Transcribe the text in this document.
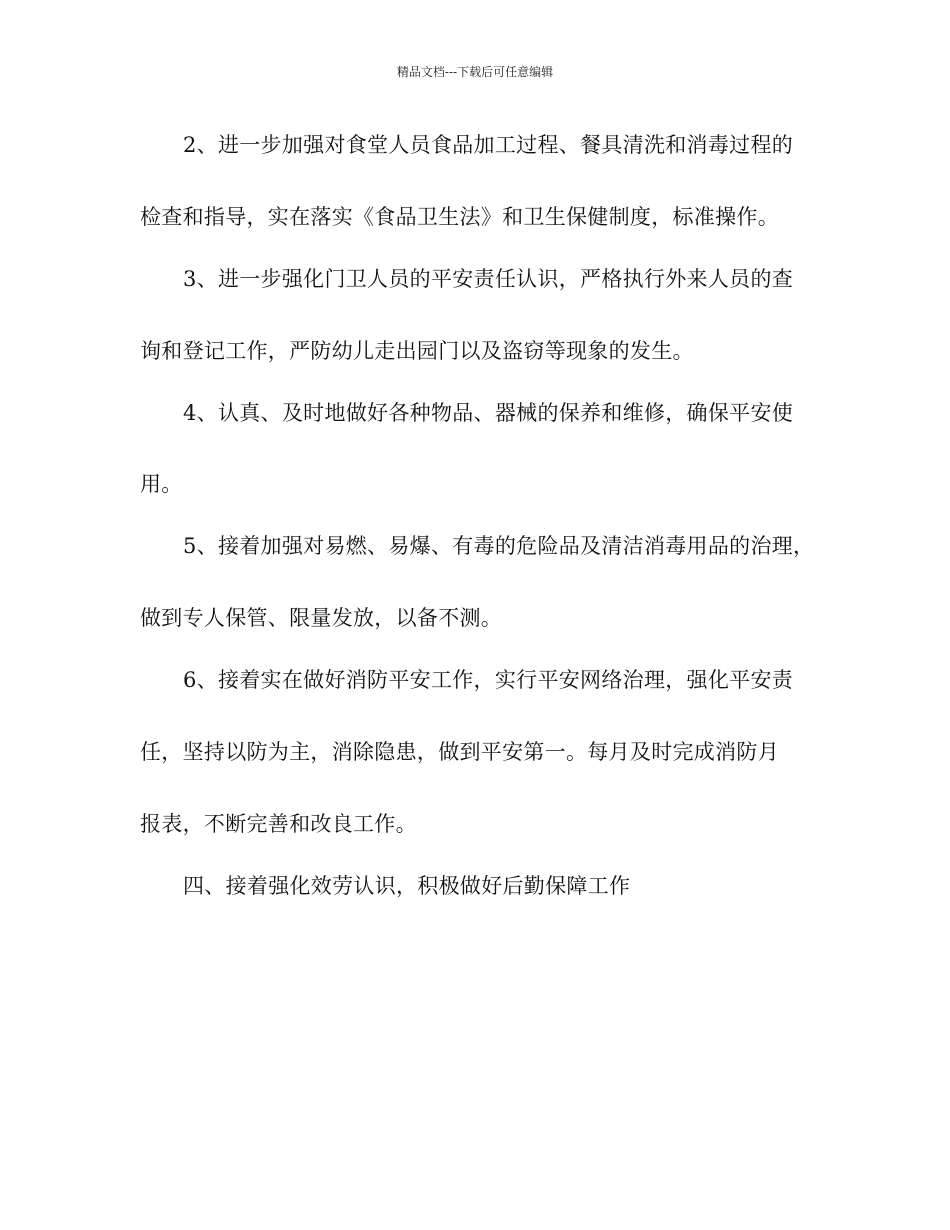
精品文档---下载后可任意编辑
2、进一步加强对食堂人员食品加工过程、餐具清洗和消毒过程的
检查和指导，实在落实《食品卫生法》和卫生保健制度，标准操作。
3、进一步强化门卫人员的平安责任认识，严格执行外来人员的查
询和登记工作，严防幼儿走出园门以及盗窃等现象的发生。
4、认真、及时地做好各种物品、器械的保养和维修，确保平安使
用。
5、接着加强对易燃、易爆、有毒的危险品及清洁消毒用品的治理，
做到专人保管、限量发放，以备不测。
6、接着实在做好消防平安工作，实行平安网络治理，强化平安责
任，坚持以防为主，消除隐患，做到平安第一。每月及时完成消防月
报表，不断完善和改良工作。
四、接着强化效劳认识，积极做好后勤保障工作
